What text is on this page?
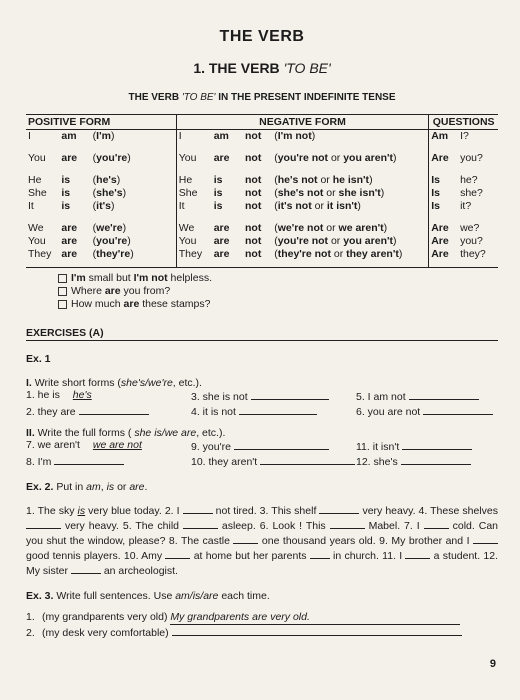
THE VERB
1. THE VERB 'TO BE'
THE VERB 'TO BE' IN THE PRESENT INDEFINITE TENSE
POSITIVE FORM			NEGATIVE FORM				QUESTIONS	
I	am	(I'm)	I	am	not	(I'm not)	Am	I?

You	are	(you're)	You	are	not	(you're not or you aren't)	Are	you?

He	is	(he's)	He	is	not	(he's not or he isn't)	Is	he?
She	is	(she's)	She	is	not	(she's not or she isn't)	Is	she?
It	is	(it's)	It	is	not	(it's not or it isn't)	Is	it?

We	are	(we're)	We	are	not	(we're not or we aren't)	Are	we?
You	are	(you're)	You	are	not	(you're not or you aren't)	Are	you?
They	are	(they're)	They	are	not	(they're not or they aren't)	Are	they?

I'm small but I'm not helpless.
Where are you from?
How much are these stamps?
EXERCISES (A)
Ex. 1
I. Write short forms (she's/we're, etc.).
1. he is he's	3. she is not	5. I am not
2. they are	4. it is not	6. you are not
II. Write the full forms ( she is/we are, etc.).
7. we aren't we are not	9. you're	11. it isn't
8. I'm	10. they aren't	12. she's
Ex. 2. Put in am, is or are.
1. The sky is very blue today. 2. I	not tired. 3. This shelf	very heavy. 4. These shelves  very heavy. 5. The child	asleep. 6. Look ! This	Mabel. 7. I  cold. Can you shut the window, please? 8. The castle  one thousand years old. 9. My brother and I  good tennis players. 10. Amy  at home but her parents  in church. 11. I  a student. 12. My sister	an archeologist.
Ex. 3. Write full sentences. Use am/is/are each time.
1. (my grandparents very old) My grandparents are very old.
2. (my desk very comfortable)
9
